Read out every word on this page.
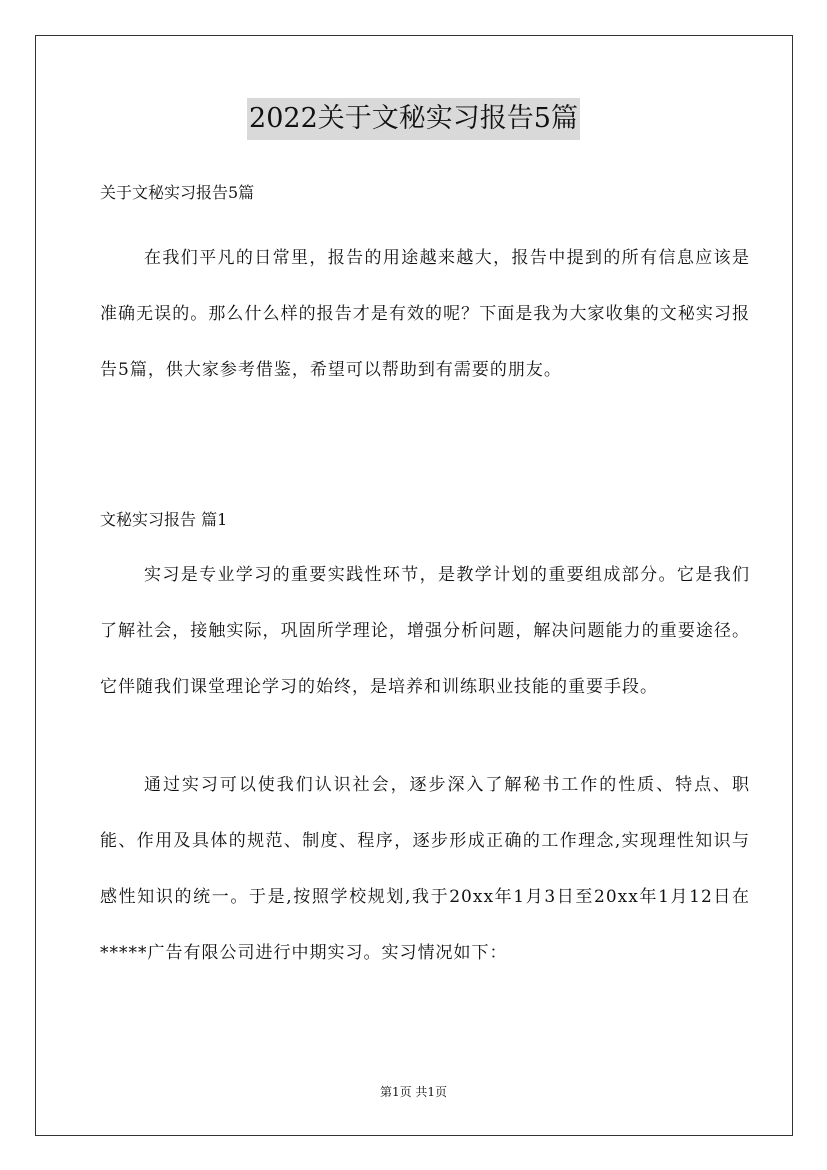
2022关于文秘实习报告5篇

关于文秘实习报告5篇

在我们平凡的日常里，报告的用途越来越大，报告中提到的所有信息应该是准确无误的。那么什么样的报告才是有效的呢？下面是我为大家收集的文秘实习报告5篇，供大家参考借鉴，希望可以帮助到有需要的朋友。

文秘实习报告 篇1

实习是专业学习的重要实践性环节，是教学计划的重要组成部分。它是我们了解社会，接触实际，巩固所学理论，增强分析问题，解决问题能力的重要途径。它伴随我们课堂理论学习的始终，是培养和训练职业技能的重要手段。

通过实习可以使我们认识社会，逐步深入了解秘书工作的性质、特点、职能、作用及具体的规范、制度、程序，逐步形成正确的工作理念,实现理性知识与感性知识的统一。于是,按照学校规划,我于20xx年1月3日至20xx年1月12日在*****广告有限公司进行中期实习。实习情况如下：

第1页 共1页
